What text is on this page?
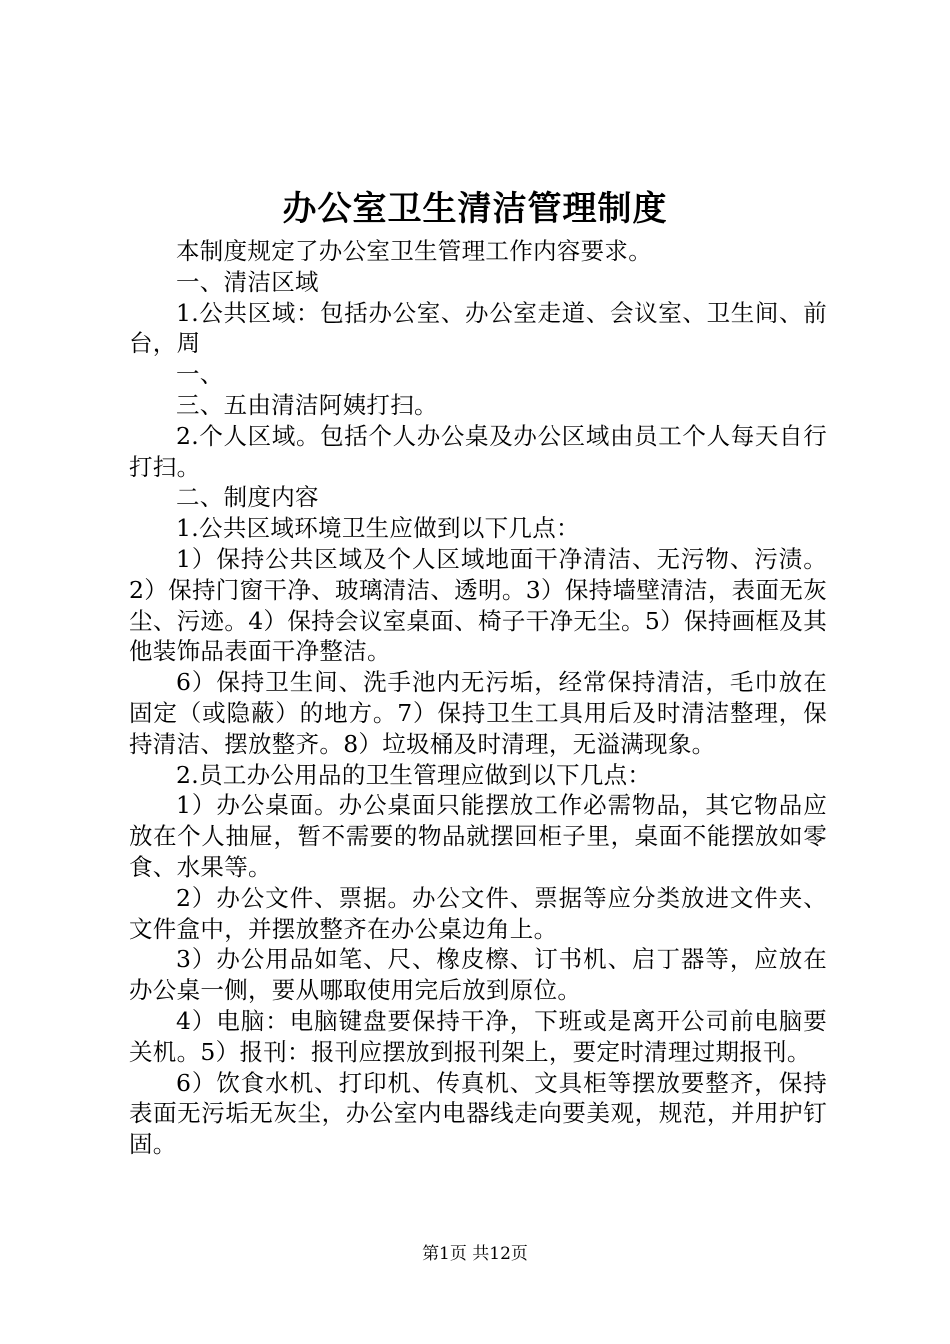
办公室卫生清洁管理制度

本制度规定了办公室卫生管理工作内容要求。

一、清洁区域

1.公共区域：包括办公室、办公室走道、会议室、卫生间、前台，周

一、

三、五由清洁阿姨打扫。

2.个人区域。包括个人办公桌及办公区域由员工个人每天自行打扫。

二、制度内容

1.公共区域环境卫生应做到以下几点：

1）保持公共区域及个人区域地面干净清洁、无污物、污渍。2）保持门窗干净、玻璃清洁、透明。3）保持墙壁清洁，表面无灰尘、污迹。4）保持会议室桌面、椅子干净无尘。5）保持画框及其他装饰品表面干净整洁。

6）保持卫生间、洗手池内无污垢，经常保持清洁，毛巾放在固定（或隐蔽）的地方。7）保持卫生工具用后及时清洁整理，保持清洁、摆放整齐。8）垃圾桶及时清理，无溢满现象。

2.员工办公用品的卫生管理应做到以下几点：

1）办公桌面。办公桌面只能摆放工作必需物品，其它物品应放在个人抽屉，暂不需要的物品就摆回柜子里，桌面不能摆放如零食、水果等。

2）办公文件、票据。办公文件、票据等应分类放进文件夹、文件盒中，并摆放整齐在办公桌边角上。

3）办公用品如笔、尺、橡皮檫、订书机、启丁器等，应放在办公桌一侧，要从哪取使用完后放到原位。

4）电脑：电脑键盘要保持干净，下班或是离开公司前电脑要关机。5）报刊：报刊应摆放到报刊架上，要定时清理过期报刊。

6）饮食水机、打印机、传真机、文具柜等摆放要整齐，保持表面无污垢无灰尘，办公室内电器线走向要美观，规范，并用护钉固。

第1页 共12页
